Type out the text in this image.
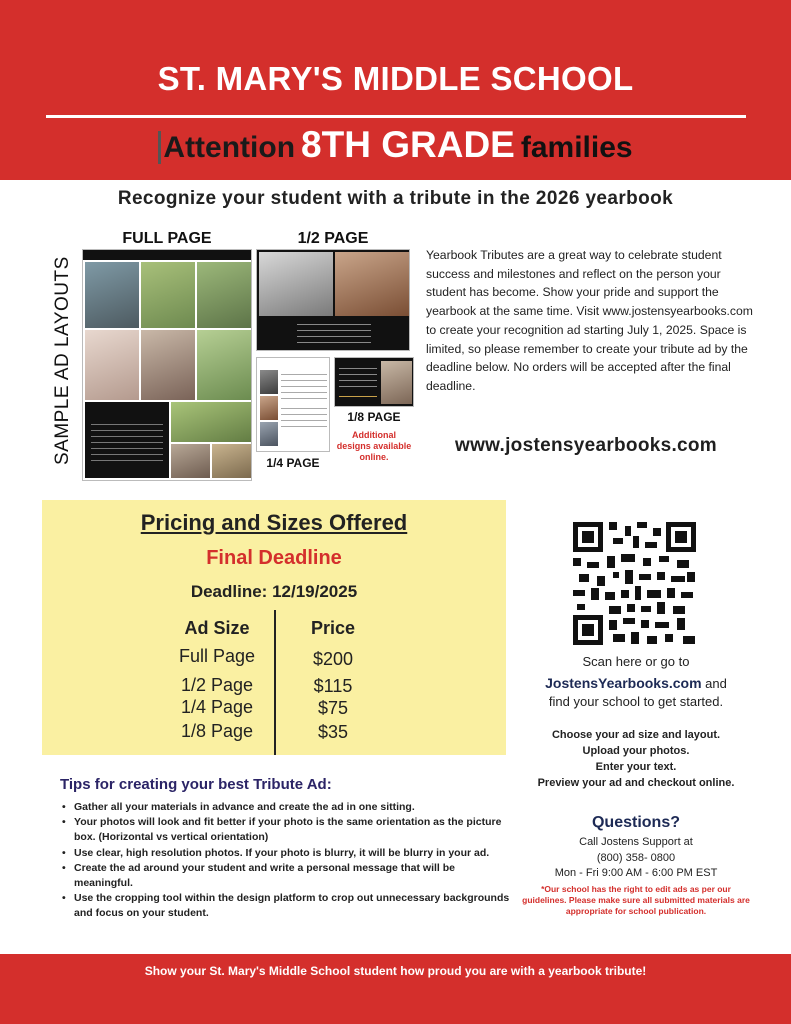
ST. MARY'S MIDDLE SCHOOL
Attention 8TH GRADE families
Recognize your student with a tribute in the 2026 yearbook
SAMPLE AD LAYOUTS
FULL PAGE	1/2 PAGE
1/4 PAGE
1/8 PAGE
Additional designs available online.
Yearbook Tributes are a great way to celebrate student success and milestones and reflect on the person your student has become. Show your pride and support the yearbook at the same time. Visit www.jostensyearbooks.com to create your recognition ad starting July 1, 2025. Space is limited, so please remember to create your tribute ad by the deadline below. No orders will be accepted after the final deadline.
www.jostensyearbooks.com
Pricing and Sizes Offered
Final Deadline
Deadline: 12/19/2025
Ad Size	Price
Full Page	$200
1/2 Page	$115
1/4 Page	$75
1/8 Page	$35
Scan here or go to
JostensYearbooks.com and
find your school to get started.
Choose your ad size and layout.
Upload your photos.
Enter your text.
Preview your ad and checkout online.
Questions?
Call Jostens Support at
(800) 358- 0800
Mon - Fri 9:00 AM - 6:00 PM EST
*Our school has the right to edit ads as per our guidelines. Please make sure all submitted materials are appropriate for school publication.
Tips for creating your best Tribute Ad:
• Gather all your materials in advance and create the ad in one sitting.
• Your photos will look and fit better if your photo is the same orientation as the picture box. (Horizontal vs vertical orientation)
• Use clear, high resolution photos. If your photo is blurry, it will be blurry in your ad.
• Create the ad around your student and write a personal message that will be meaningful.
• Use the cropping tool within the design platform to crop out unnecessary backgrounds and focus on your student.
Show your St. Mary's Middle School student how proud you are with a yearbook tribute!
